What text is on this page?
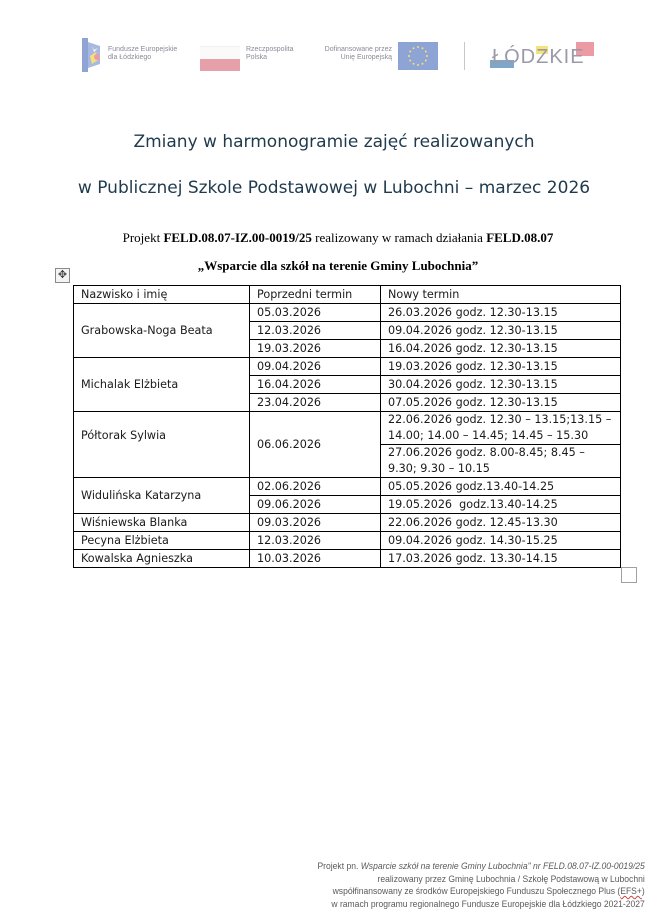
Fundusze Europejskie
dla Łódzkiego
Rzeczpospolita
Polska
Dofinansowane przez
Unię Europejską	ŁÓDZKIE
Zmiany w harmonogramie zajęć realizowanych
w Publicznej Szkole Podstawowej w Lubochni – marzec 2026
Projekt FELD.08.07-IZ.00-0019/25 realizowany w ramach działania FELD.08.07
„Wsparcie dla szkół na terenie Gminy Lubochnia”
✥
Nazwisko i imię	Poprzedni termin	Nowy termin
Grabowska-Noga Beata	05.03.2026	26.03.2026 godz. 12.30-13.15
	12.03.2026	09.04.2026 godz. 12.30-13.15
	19.03.2026	16.04.2026 godz. 12.30-13.15
Michalak Elżbieta	09.04.2026	19.03.2026 godz. 12.30-13.15
	16.04.2026	30.04.2026 godz. 12.30-13.15
	23.04.2026	07.05.2026 godz. 12.30-13.15
Półtorak Sylwia	06.06.2026	22.06.2026 godz. 12.30 – 13.15;13.15 – 14.00; 14.00 – 14.45; 14.45 – 15.30
		27.06.2026 godz. 8.00-8.45; 8.45 – 9.30; 9.30 – 10.15
Widulińska Katarzyna	02.06.2026	05.05.2026 godz.13.40-14.25
	09.06.2026	19.05.2026  godz.13.40-14.25
Wiśniewska Blanka	09.03.2026	22.06.2026 godz. 12.45-13.30
Pecyna Elżbieta	12.03.2026	09.04.2026 godz. 14.30-15.25
Kowalska Agnieszka	10.03.2026	17.03.2026 godz. 13.30-14.15
Projekt pn. Wsparcie szkół na terenie Gminy Lubochnia" nr FELD.08.07-IZ.00-0019/25
realizowany przez Gminę Lubochnia / Szkołę Podstawową w Lubochni
współfinansowany ze środków Europejskiego Funduszu Społecznego Plus (EFS+)
w ramach programu regionalnego Fundusze Europejskie dla Łódzkiego 2021-2027
